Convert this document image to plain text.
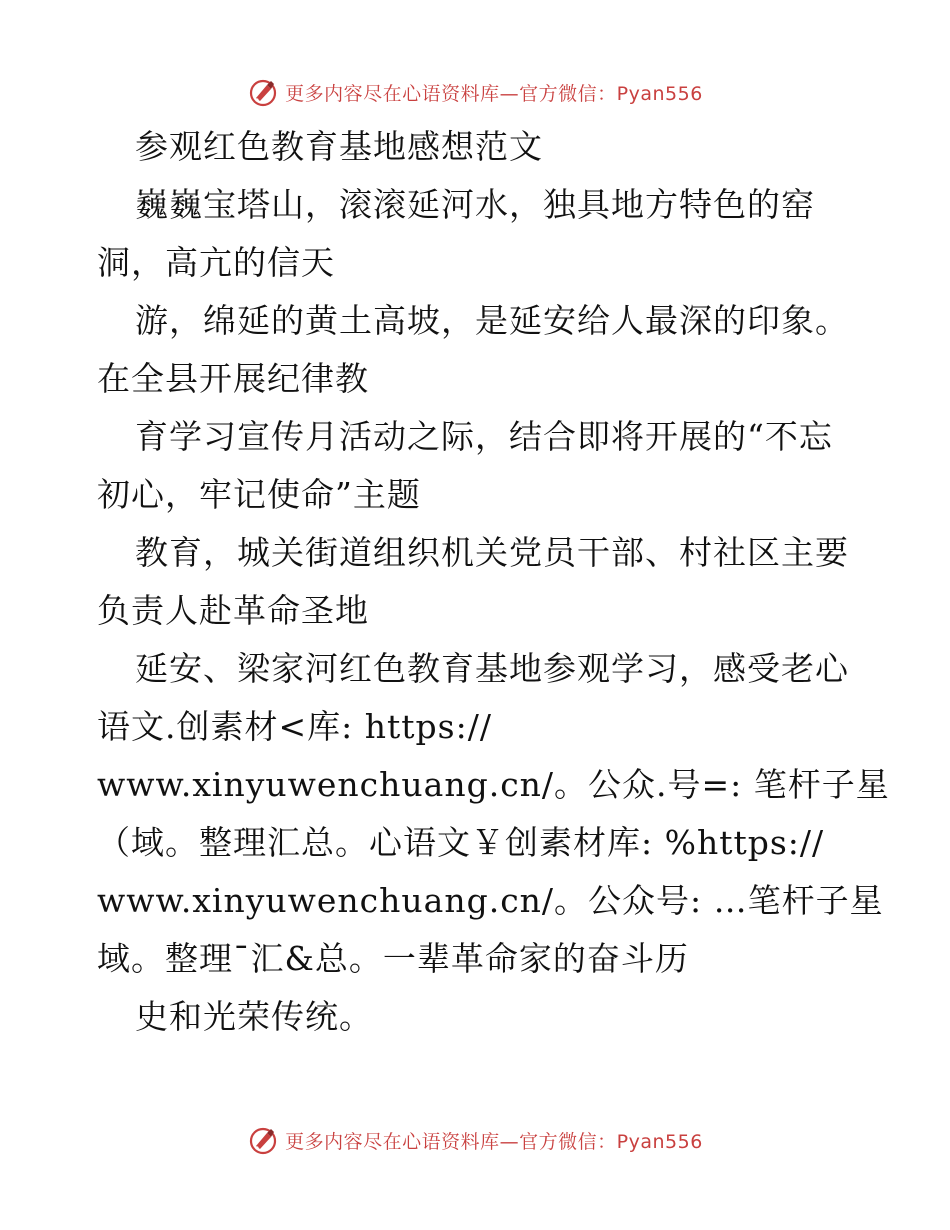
更多内容尽在心语资料库—官方微信：Pyan556
参观红色教育基地感想范文
巍巍宝塔山，滚滚延河水，独具地方特色的窑
洞，高亢的信天
游，绵延的黄土高坡，是延安给人最深的印象。
在全县开展纪律教
育学习宣传月活动之际，结合即将开展的“不忘
初心，牢记使命”主题
教育，城关街道组织机关党员干部、村社区主要
负责人赴革命圣地
延安、梁家河红色教育基地参观学习，感受老心
语文.创素材<库: https://
www.xinyuwenchuang.cn/。公众.号=: 笔杆子星
（域。整理汇总。心语文￥创素材库: %https://
www.xinyuwenchuang.cn/。公众号: …笔杆子星
域。整理¯汇&总。一辈革命家的奋斗历
史和光荣传统。
更多内容尽在心语资料库—官方微信：Pyan556
